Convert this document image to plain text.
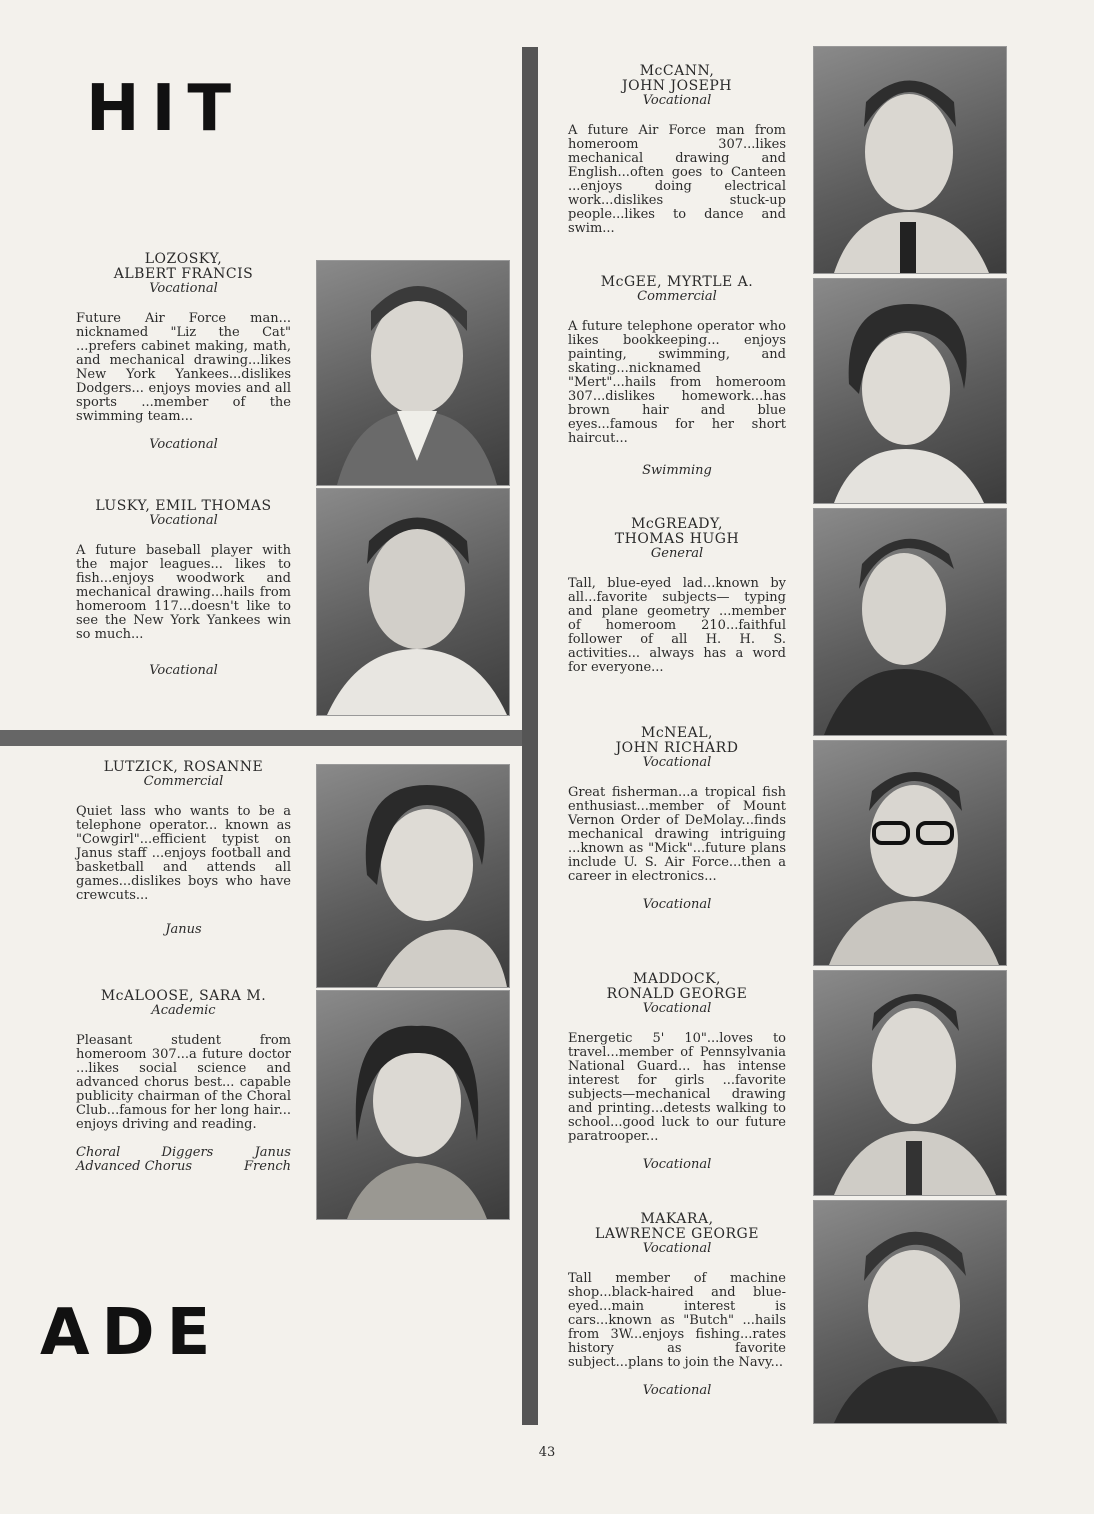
HIT
ADE
LOZOSKY,
ALBERT FRANCIS
Vocational

Future Air Force man... nicknamed "Liz the Cat" ...prefers cabinet making, math, and mechanical drawing...likes New York Yankees...dislikes Dodgers... enjoys movies and all sports ...member of the swimming team...

Vocational
LUSKY, EMIL THOMAS
Vocational

A future baseball player with the major leagues... likes to fish...enjoys woodwork and mechanical drawing...hails from homeroom 117...doesn't like to see the New York Yankees win so much...

Vocational
LUTZICK, ROSANNE
Commercial

Quiet lass who wants to be a telephone operator... known as "Cowgirl"...efficient typist on Janus staff ...enjoys football and basketball and attends all games...dislikes boys who have crewcuts...

Janus
McALOOSE, SARA M.
Academic

Pleasant student from homeroom 307...a future doctor ...likes social science and advanced chorus best... capable publicity chairman of the Choral Club...famous for her long hair... enjoys driving and reading.

Choral	Diggers	Janus
Advanced Chorus	French
McCANN,
JOHN JOSEPH
Vocational

A future Air Force man from homeroom 307...likes mechanical drawing and English...often goes to Canteen ...enjoys doing electrical work...dislikes stuck-up people...likes to dance and swim...

McGEE, MYRTLE A.
Commercial

A future telephone operator who likes bookkeeping... enjoys painting, swimming, and skating...nicknamed "Mert"...hails from homeroom 307...dislikes homework...has brown hair and blue eyes...famous for her short haircut...

Swimming
McGREADY,
THOMAS HUGH
General

Tall, blue-eyed lad...known by all...favorite subjects— typing and plane geometry ...member of homeroom 210...faithful follower of all H. H. S. activities... always has a word for everyone...

McNEAL,
JOHN RICHARD
Vocational

Great fisherman...a tropical fish enthusiast...member of Mount Vernon Order of DeMolay...finds mechanical drawing intriguing ...known as "Mick"...future plans include U. S. Air Force...then a career in electronics...

Vocational
MADDOCK,
RONALD GEORGE
Vocational

Energetic 5' 10"...loves to travel...member of Pennsylvania National Guard... has intense interest for girls ...favorite subjects—mechanical drawing and printing...detests walking to school...good luck to our future paratrooper...

Vocational
MAKARA,
LAWRENCE GEORGE
Vocational

Tall member of machine shop...black-haired and blue-eyed...main interest is cars...known as "Butch" ...hails from 3W...enjoys fishing...rates history as favorite subject...plans to join the Navy...

Vocational
43
